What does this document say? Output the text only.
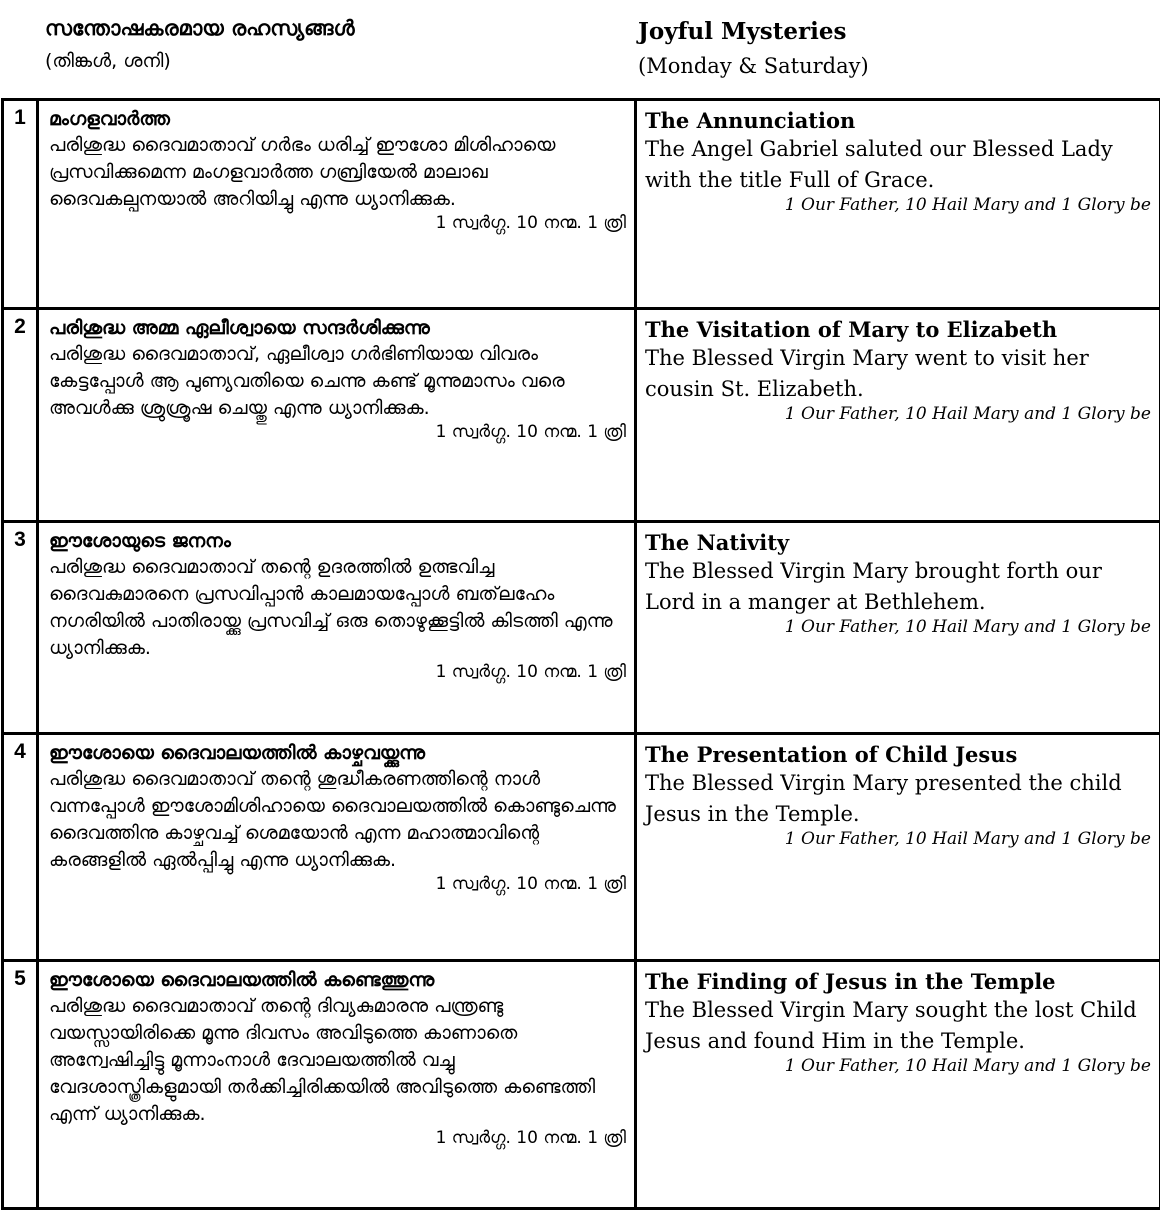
സന്തോഷകരമായ രഹസ്യങ്ങൾ
(തിങ്കൾ, ശനി)
Joyful Mysteries
(Monday & Saturday)
1	മംഗളവാർത്ത
പരിശുദ്ധ ദൈവമാതാവ് ഗർഭം ധരിച്ച് ഈശോ മിശിഹായെ പ്രസവിക്കുമെന്ന മംഗളവാർത്ത ഗബ്രിയേൽ മാലാഖ ദൈവകല്പനയാൽ അറിയിച്ചു എന്നു ധ്യാനിക്കുക.
1 സ്വർഗ്ഗ. 10 നന്മ. 1 ത്രി

The Annunciation
The Angel Gabriel saluted our Blessed Lady with the title Full of Grace.
1 Our Father, 10 Hail Mary and 1 Glory be

2	പരിശുദ്ധ അമ്മ ഏലീശ്വായെ സന്ദർശിക്കുന്നു
പരിശുദ്ധ ദൈവമാതാവ്, ഏലീശ്വാ ഗർഭിണിയായ വിവരം കേട്ടപ്പോൾ ആ പുണ്യവതിയെ ചെന്നു കണ്ട് മൂന്നുമാസം വരെ അവൾക്കു ശ്രുശ്രൂഷ ചെയ്തു എന്നു ധ്യാനിക്കുക.
1 സ്വർഗ്ഗ. 10 നന്മ. 1 ത്രി

The Visitation of Mary to Elizabeth
The Blessed Virgin Mary went to visit her cousin St. Elizabeth.
1 Our Father, 10 Hail Mary and 1 Glory be

3	ഈശോയുടെ ജനനം
പരിശുദ്ധ ദൈവമാതാവ് തന്റെ ഉദരത്തിൽ ഉത്ഭവിച്ച ദൈവകുമാരനെ പ്രസവിപ്പാൻ കാലമായപ്പോൾ ബത്‌ലഹേം നഗരിയിൽ പാതിരായ്ക്കു പ്രസവിച്ച് ഒരു തൊഴുക്കൂട്ടിൽ കിടത്തി എന്നു ധ്യാനിക്കുക.
1 സ്വർഗ്ഗ. 10 നന്മ. 1 ത്രി

The Nativity
The Blessed Virgin Mary brought forth our Lord in a manger at Bethlehem.
1 Our Father, 10 Hail Mary and 1 Glory be

4	ഈശോയെ ദൈവാലയത്തിൽ കാഴ്ചവയ്ക്കുന്നു
പരിശുദ്ധ ദൈവമാതാവ് തന്റെ ശുദ്ധീകരണത്തിന്റെ നാൾ വന്നപ്പോൾ ഈശോമിശിഹായെ ദൈവാലയത്തിൽ കൊണ്ടുചെന്നു ദൈവത്തിനു കാഴ്ചവച്ച് ശെമയോൻ എന്ന മഹാത്മാവിന്റെ കരങ്ങളിൽ ഏൽപ്പിച്ചു എന്നു ധ്യാനിക്കുക.
1 സ്വർഗ്ഗ. 10 നന്മ. 1 ത്രി

The Presentation of Child Jesus
The Blessed Virgin Mary presented the child Jesus in the Temple.
1 Our Father, 10 Hail Mary and 1 Glory be

5	ഈശോയെ ദൈവാലയത്തിൽ കണ്ടെത്തുന്നു
പരിശുദ്ധ ദൈവമാതാവ് തന്റെ ദിവ്യകുമാരനു പന്ത്രണ്ടു വയസ്സായിരിക്കെ മൂന്നു ദിവസം അവിടുത്തെ കാണാതെ അന്വേഷിച്ചിട്ടു മൂന്നാംനാൾ ദേവാലയത്തിൽ വച്ചു വേദശാസ്ത്രികളുമായി തർക്കിച്ചിരിക്കയിൽ അവിടുത്തെ കണ്ടെത്തി എന്ന് ധ്യാനിക്കുക.
1 സ്വർഗ്ഗ. 10 നന്മ. 1 ത്രി

The Finding of Jesus in the Temple
The Blessed Virgin Mary sought the lost Child Jesus and found Him in the Temple.
1 Our Father, 10 Hail Mary and 1 Glory be
